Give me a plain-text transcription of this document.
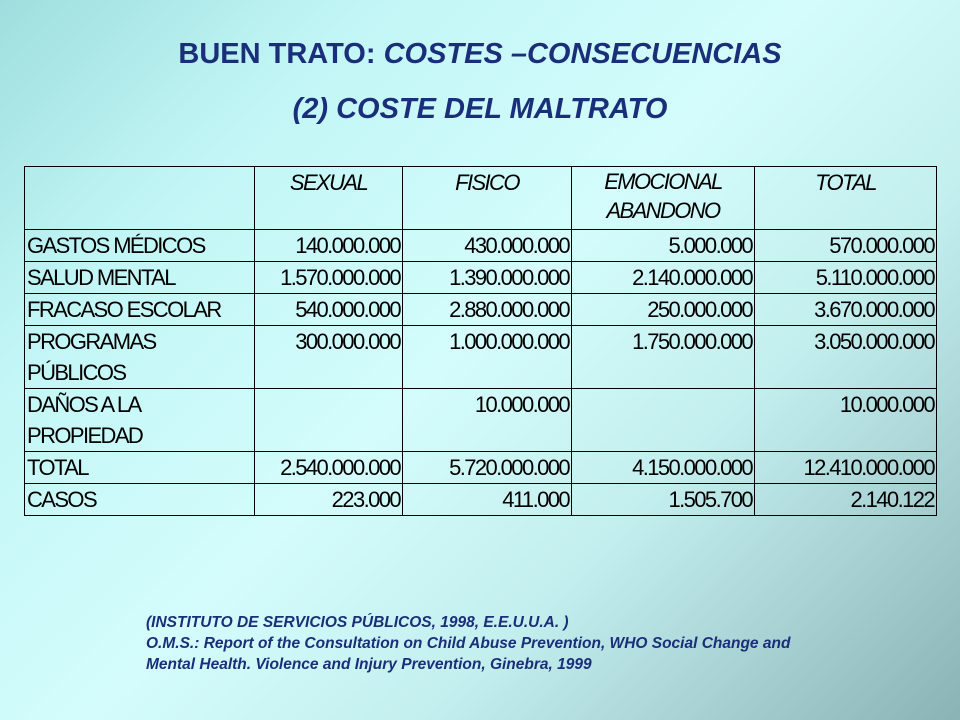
BUEN TRATO: COSTES –CONSECUENCIAS
(2) COSTE DEL MALTRATO
	SEXUAL	FISICO	EMOCIONAL ABANDONO	TOTAL
GASTOS MÉDICOS	140.000.000	430.000.000	5.000.000	570.000.000
SALUD MENTAL	1.570.000.000	1.390.000.000	2.140.000.000	5.110.000.000
FRACASO ESCOLAR	540.000.000	2.880.000.000	250.000.000	3.670.000.000
PROGRAMAS PÚBLICOS	300.000.000	1.000.000.000	1.750.000.000	3.050.000.000
DAÑOS A LA PROPIEDAD		10.000.000		10.000.000
TOTAL	2.540.000.000	5.720.000.000	4.150.000.000	12.410.000.000
CASOS	223.000	411.000	1.505.700	2.140.122
(INSTITUTO DE SERVICIOS PÚBLICOS, 1998, E.E.U.U.A. )
O.M.S.: Report of the Consultation on Child Abuse Prevention, WHO Social Change and
Mental Health. Violence and Injury Prevention, Ginebra, 1999
